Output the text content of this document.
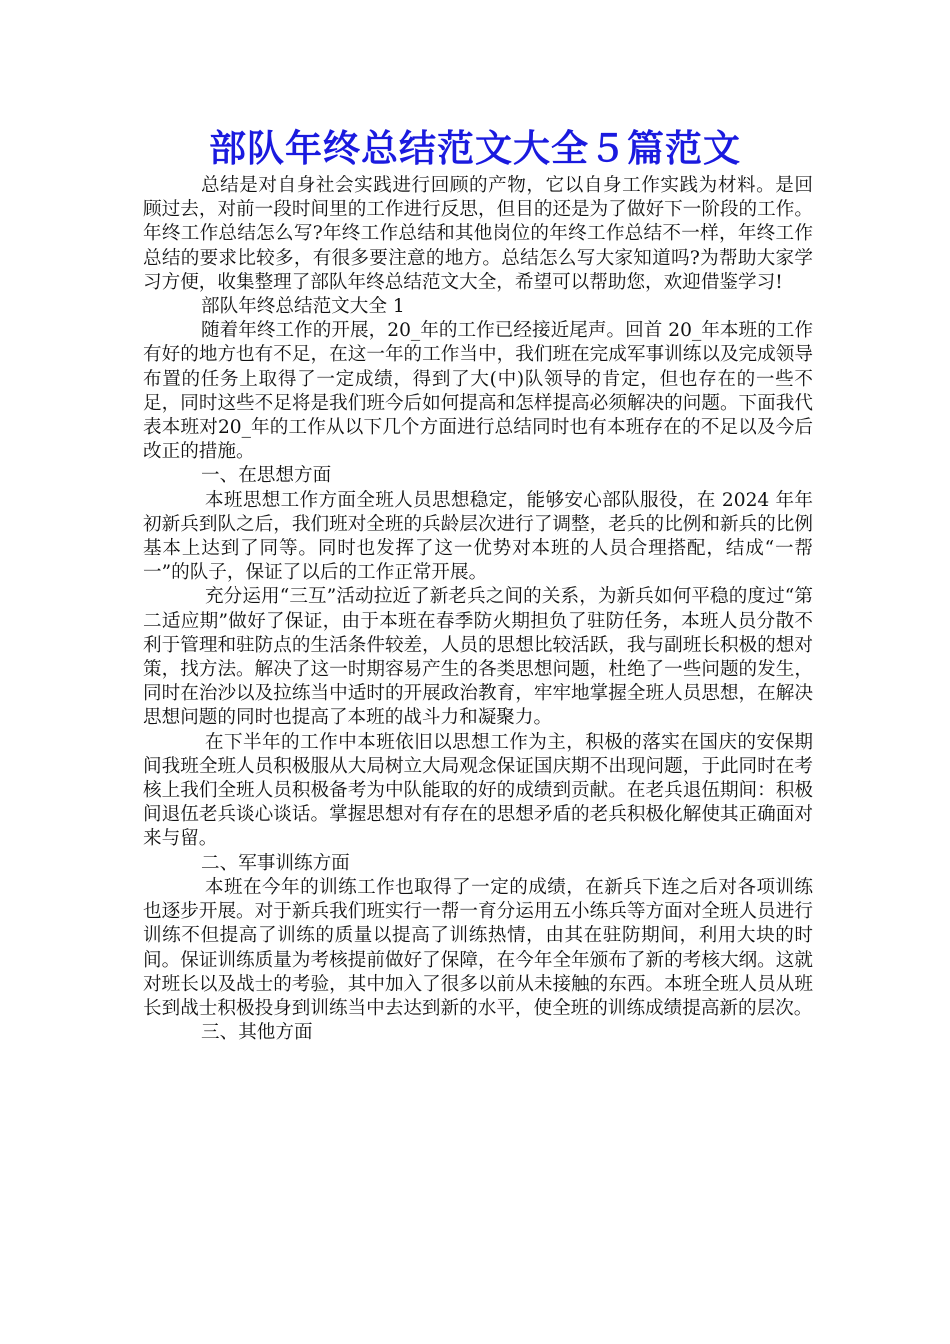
部队年终总结范文大全５篇范文

总结是对自身社会实践进行回顾的产物，它以自身工作实践为材料。是回顾过去，对前一段时间里的工作进行反思，但目的还是为了做好下一阶段的工作。年终工作总结怎么写?年终工作总结和其他岗位的年终工作总结不一样，年终工作总结的要求比较多，有很多要注意的地方。总结怎么写大家知道吗?为帮助大家学习方便，收集整理了部队年终总结范文大全，希望可以帮助您，欢迎借鉴学习!

部队年终总结范文大全 1

随着年终工作的开展，20_年的工作已经接近尾声。回首 20_年本班的工作有好的地方也有不足，在这一年的工作当中，我们班在完成军事训练以及完成领导布置的任务上取得了一定成绩，得到了大(中)队领导的肯定，但也存在的一些不足，同时这些不足将是我们班今后如何提高和怎样提高必须解决的问题。下面我代表本班对20_年的工作从以下几个方面进行总结同时也有本班存在的不足以及今后改正的措施。

一、在思想方面

本班思想工作方面全班人员思想稳定，能够安心部队服役，在 2024 年年初新兵到队之后，我们班对全班的兵龄层次进行了调整，老兵的比例和新兵的比例基本上达到了同等。同时也发挥了这一优势对本班的人员合理搭配，结成“一帮一”的队子，保证了以后的工作正常开展。

充分运用“三互”活动拉近了新老兵之间的关系，为新兵如何平稳的度过“第二适应期”做好了保证，由于本班在春季防火期担负了驻防任务，本班人员分散不利于管理和驻防点的生活条件较差，人员的思想比较活跃，我与副班长积极的想对策，找方法。解决了这一时期容易产生的各类思想问题，杜绝了一些问题的发生，同时在治沙以及拉练当中适时的开展政治教育，牢牢地掌握全班人员思想，在解决思想问题的同时也提高了本班的战斗力和凝聚力。

在下半年的工作中本班依旧以思想工作为主，积极的落实在国庆的安保期间我班全班人员积极服从大局树立大局观念保证国庆期不出现问题，于此同时在考核上我们全班人员积极备考为中队能取的好的成绩到贡献。在老兵退伍期间：积极间退伍老兵谈心谈话。掌握思想对有存在的思想矛盾的老兵积极化解使其正确面对来与留。

二、军事训练方面

本班在今年的训练工作也取得了一定的成绩，在新兵下连之后对各项训练也逐步开展。对于新兵我们班实行一帮一育分运用五小练兵等方面对全班人员进行训练不但提高了训练的质量以提高了训练热情，由其在驻防期间，利用大块的时间。保证训练质量为考核提前做好了保障，在今年全年颁布了新的考核大纲。这就对班长以及战士的考验，其中加入了很多以前从未接触的东西。本班全班人员从班长到战士积极投身到训练当中去达到新的水平，使全班的训练成绩提高新的层次。

三、其他方面
